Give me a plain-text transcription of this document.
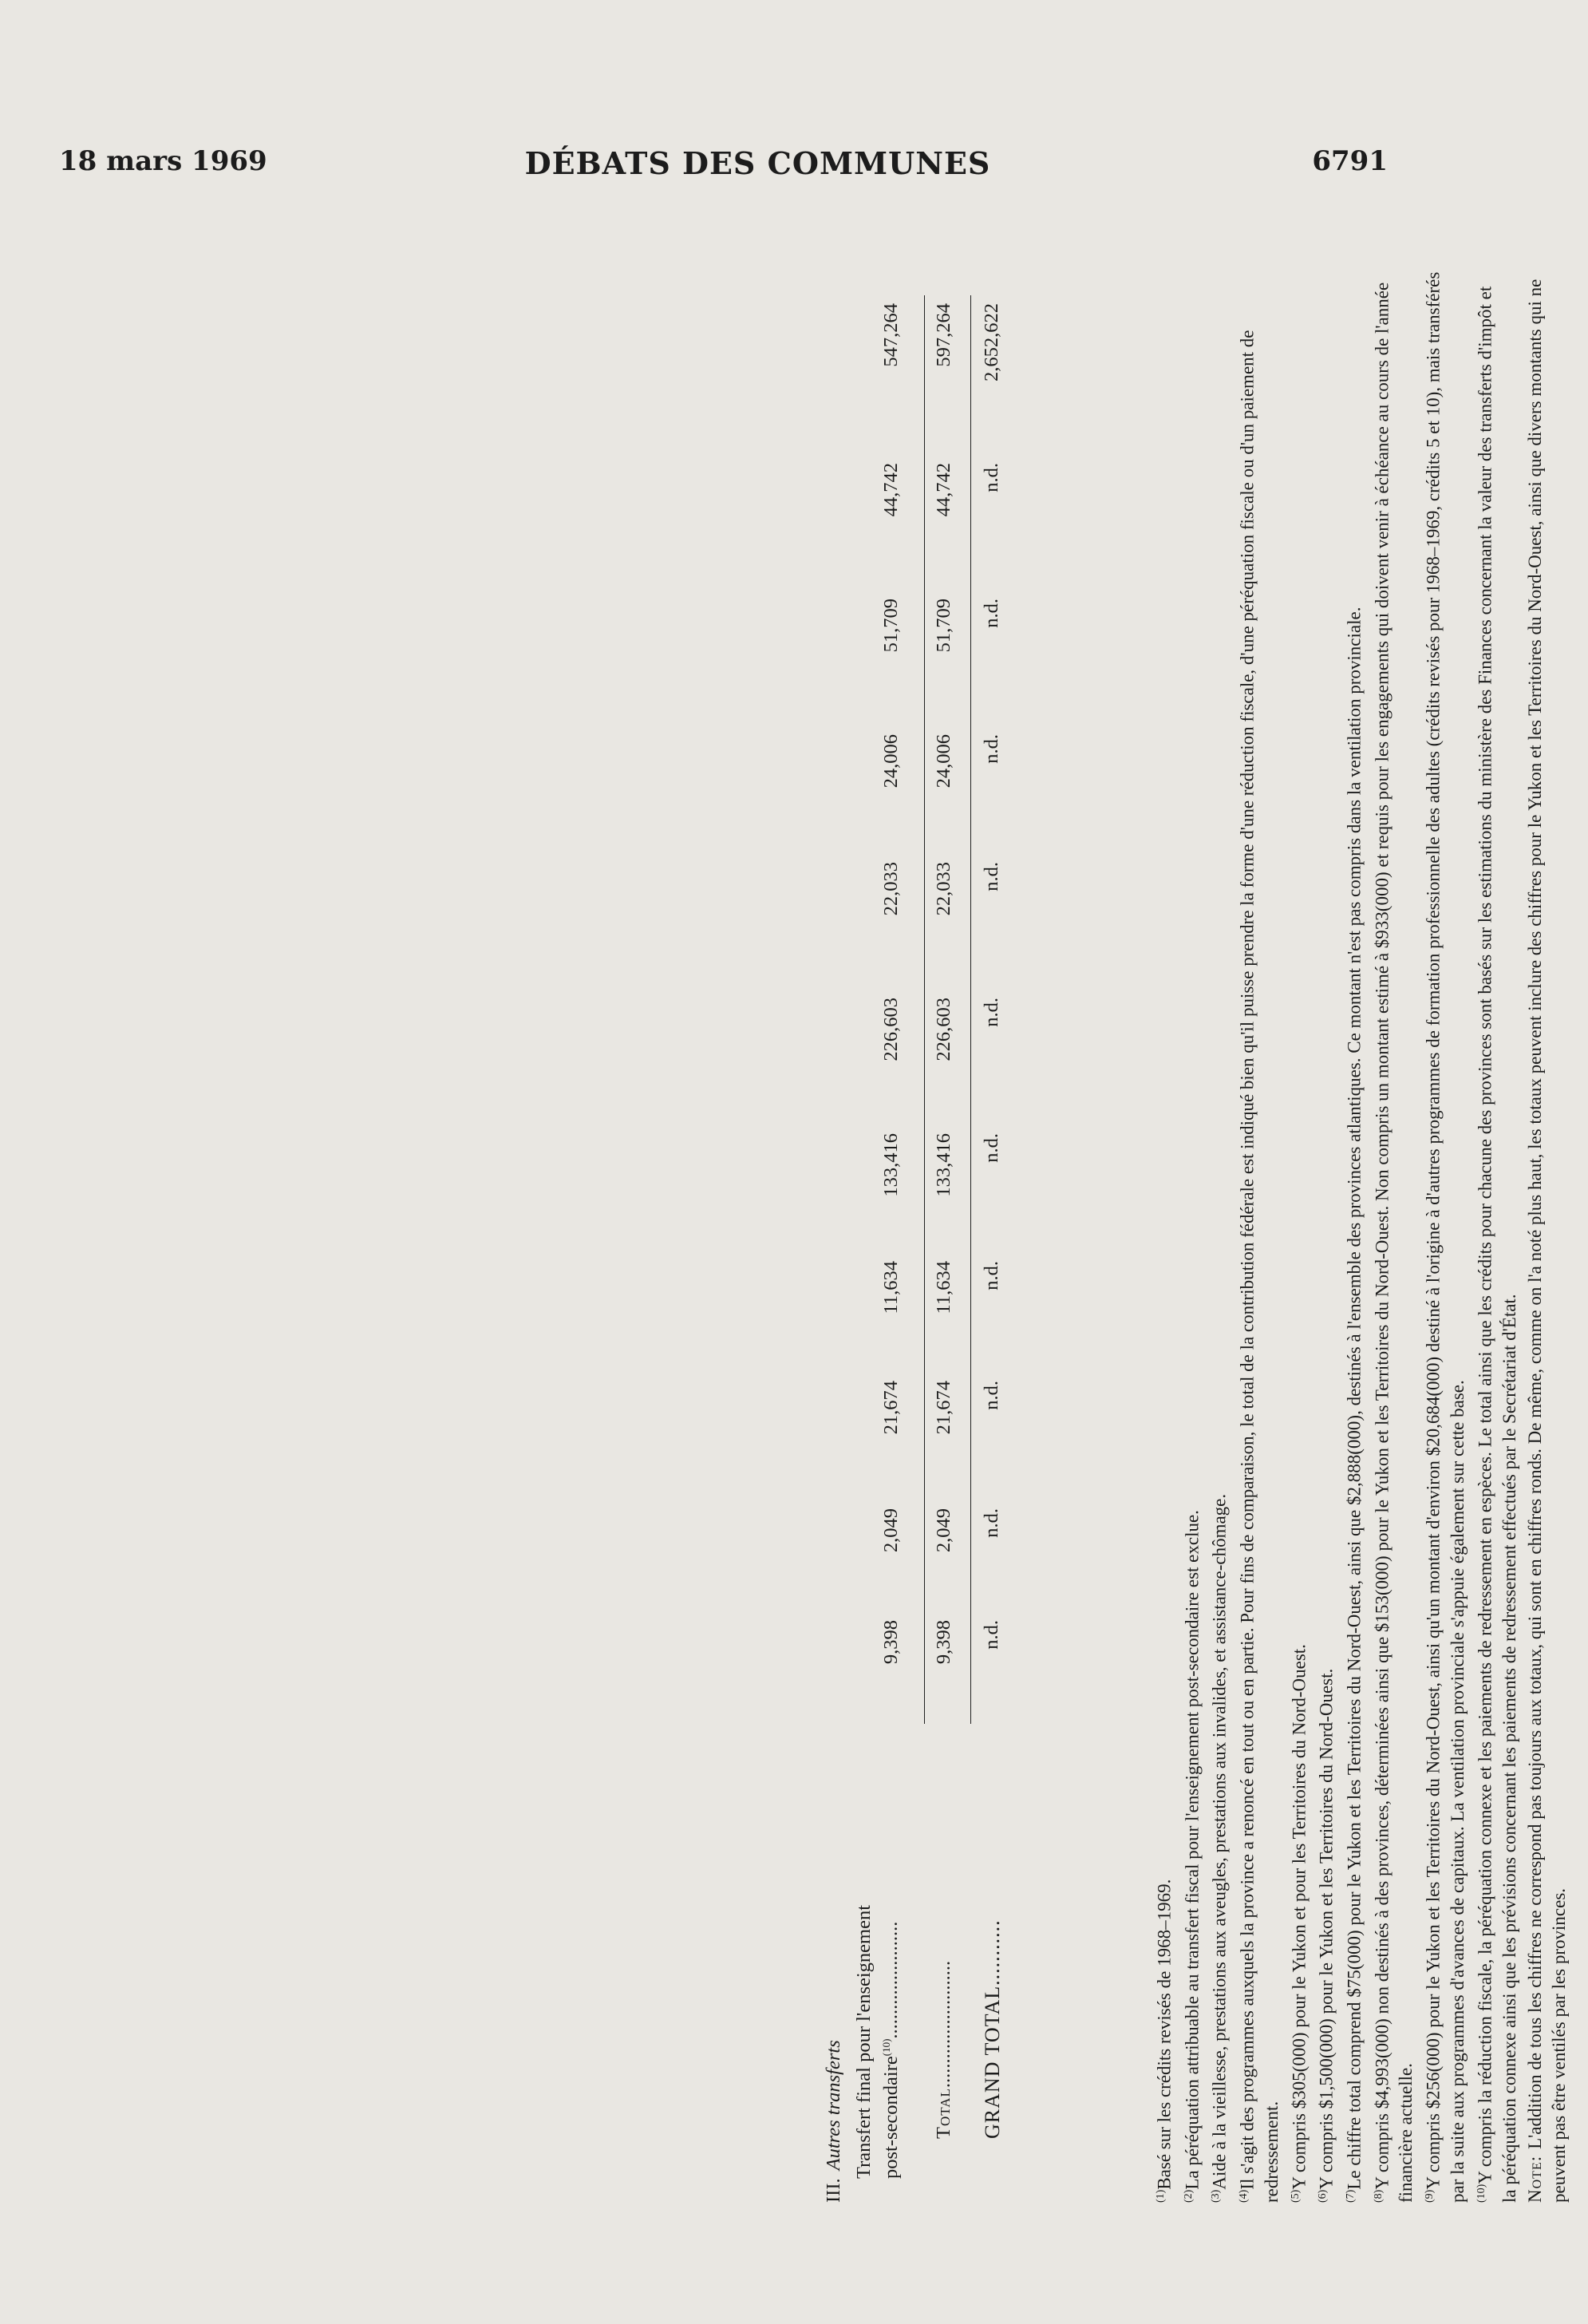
18 mars 1969	DÉBATS DES COMMUNES	6791
III.Autres transferts Transfert final pour l'enseignement post-secondaire$^{(10)}$........................
9,398
2,049
21,674
11,634
133,416
226,603
22,033
24,006
51,709
44,742
547,264
Total..........................
9,398
2,049
21,674
11,634
133,416
226,603
22,033
24,006
51,709
44,742
597,264
GRAND TOTAL...........
n.d.
n.d.
n.d.
n.d.
n.d.
n.d.
n.d.
n.d.
n.d.
n.d.
2,652,622

$^{(1)}$Basé sur les crédits revisés de 1968–1969.

$^{(2)}$La péréquation attribuable au transfert fiscal pour l'enseignement post-secondaire est exclue.

$^{(3)}$Aide à la vieillesse, prestations aux aveugles, prestations aux invalides, et assistance-chômage.

$^{(4)}$Il s'agit des programmes auxquels la province a renoncé en tout ou en partie. Pour fins de comparaison, le total de la contribution fédérale est indiqué bien qu'il puisse prendre la forme d'une réduction fiscale, d'une péréquation fiscale ou d'un paiement de redressement. $^{(5)}$Y compris $305(000) pour le Yukon et pour les Territoires du Nord-Ouest.

$^{(6)}$Y compris $1,500(000) pour le Yukon et les Territoires du Nord-Ouest.

$^{(7)}$Le chiffre total comprend $75(000) pour le Yukon et les Territoires du Nord-Ouest, ainsi que $2,888(000), destinés à l'ensemble des provinces atlantiques. Ce montant n'est pas compris dans la ventilation provinciale.

$^{(8)}$Y compris $4,993(000) non destinés à des provinces, déterminées ainsi que $153(000) pour le Yukon et les Territoires du Nord-Ouest. Non compris un montant estimé à $933(000) et requis pour les engagements qui doivent venir à échéance au cours de l'année financière actuelle. $^{(9)}$Y compris $256(000) pour le Yukon et les Territoires du Nord-Ouest, ainsi qu'un montant d'environ $20,684(000) destiné à l'origine à d'autres programmes de formation professionnelle des adultes (crédits revisés pour 1968–1969, crédits 5 et 10), mais transférés par la suite aux programmes d'avances de capitaux. La ventilation provinciale s'appuie également sur cette base. $^{(10)}$Y compris la réduction fiscale, la péréquation connexe et les paiements de redressement en espèces. Le total ainsi que les crédits pour chacune des provinces sont basés sur les estimations du ministère des Finances concernant la valeur des transferts d'impôt et la péréquation connexe ainsi que les prévisions concernant les paiements de redressement effectués par le Secrétariat d'État. Note:L'addition de tous les chiffres ne correspond pas toujours aux totaux, qui sont en chiffres ronds. De même, comme on l'a noté plus haut, les totaux peuvent inclure des chiffres pour le Yukon et les Territoires du Nord-Ouest, ainsi que divers montants qui ne peuvent pas être ventilés par les provinces.
